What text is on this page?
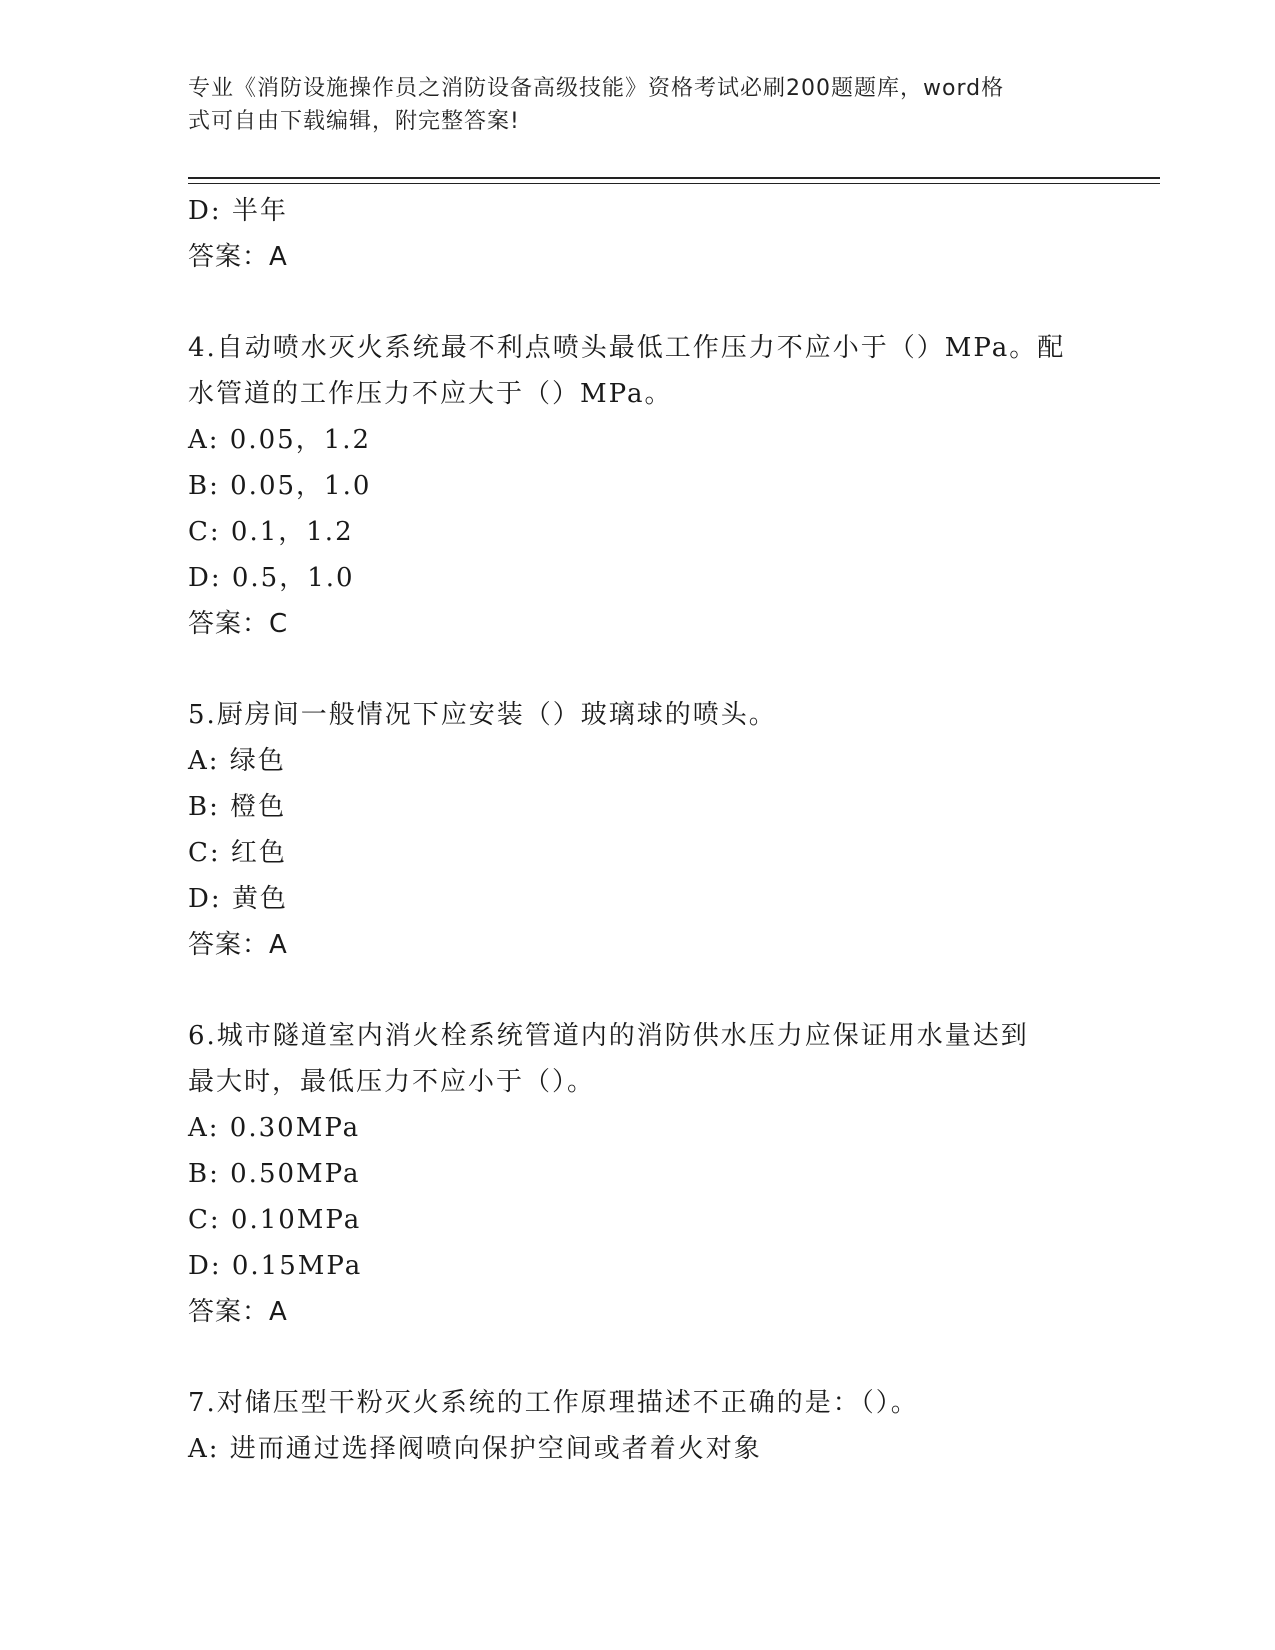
专业《消防设施操作员之消防设备高级技能》资格考试必刷200题题库，word格
式可自由下载编辑，附完整答案!
D: 半年
答案：A
4.自动喷水灭火系统最不利点喷头最低工作压力不应小于（）MPa。配
水管道的工作压力不应大于（）MPa。
A: 0.05，1.2
B: 0.05，1.0
C: 0.1，1.2
D: 0.5，1.0
答案：C
5.厨房间一般情况下应安装（）玻璃球的喷头。
A: 绿色
B: 橙色
C: 红色
D: 黄色
答案：A
6.城市隧道室内消火栓系统管道内的消防供水压力应保证用水量达到
最大时，最低压力不应小于（）。
A: 0.30MPa
B: 0.50MPa
C: 0.10MPa
D: 0.15MPa
答案：A
7.对储压型干粉灭火系统的工作原理描述不正确的是：（）。
A: 进而通过选择阀喷向保护空间或者着火对象
